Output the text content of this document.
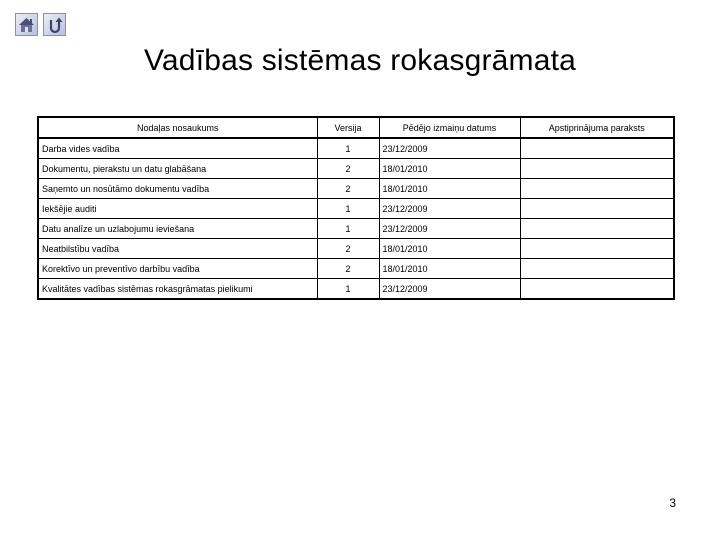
Vadības sistēmas rokasgrāmata
Nodaļas nosaukums	Versija	Pēdējo izmaiņu datums	Apstiprinājuma paraksts
Darba vides vadība	1	23/12/2009	
Dokumentu, pierakstu un datu glabāšana	2	18/01/2010	
Saņemto un nosūtāmo dokumentu vadība	2	18/01/2010	
Iekšējie auditi	1	23/12/2009	
Datu analīze un uzlabojumu ieviešana	1	23/12/2009	
Neatbilstību vadība	2	18/01/2010	
Korektīvo un preventīvo darbību vadība	2	18/01/2010	
Kvalitātes vadības sistēmas rokasgrāmatas pielikumi	1	23/12/2009	
3
